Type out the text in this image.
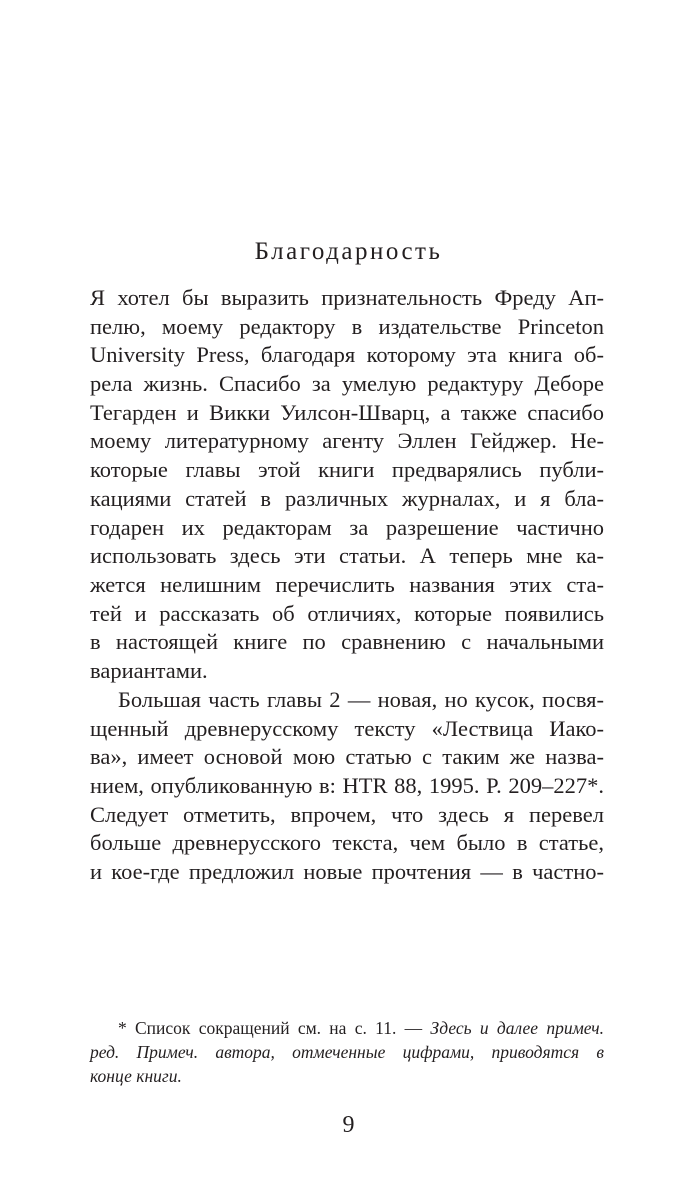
Благодарность
Я хотел бы выразить признательность Фреду Ап-
пелю, моему редактору в издательстве Princeton
University Press, благодаря которому эта книга об-
рела жизнь. Спасибо за умелую редактуру Деборе
Тегарден и Викки Уилсон-Шварц, а также спасибо
моему литературному агенту Эллен Гейджер. Не-
которые главы этой книги предварялись публи-
кациями статей в различных журналах, и я бла-
годарен их редакторам за разрешение частично
использовать здесь эти статьи. А теперь мне ка-
жется нелишним перечислить названия этих ста-
тей и рассказать об отличиях, которые появились
в настоящей книге по сравнению с начальными
вариантами.
Большая часть главы 2 — новая, но кусок, посвя-
щенный древнерусскому тексту «Лествица Иако-
ва», имеет основой мою статью с таким же назва-
нием, опубликованную в: HTR 88, 1995. P. 209–227*.
Следует отметить, впрочем, что здесь я перевел
больше древнерусского текста, чем было в статье,
и кое-где предложил новые прочтения — в частно-
* Список сокращений см. на с. 11. — Здесь и далее примеч.
ред. Примеч. автора, отмеченные цифрами, приводятся в
конце книги.
9
